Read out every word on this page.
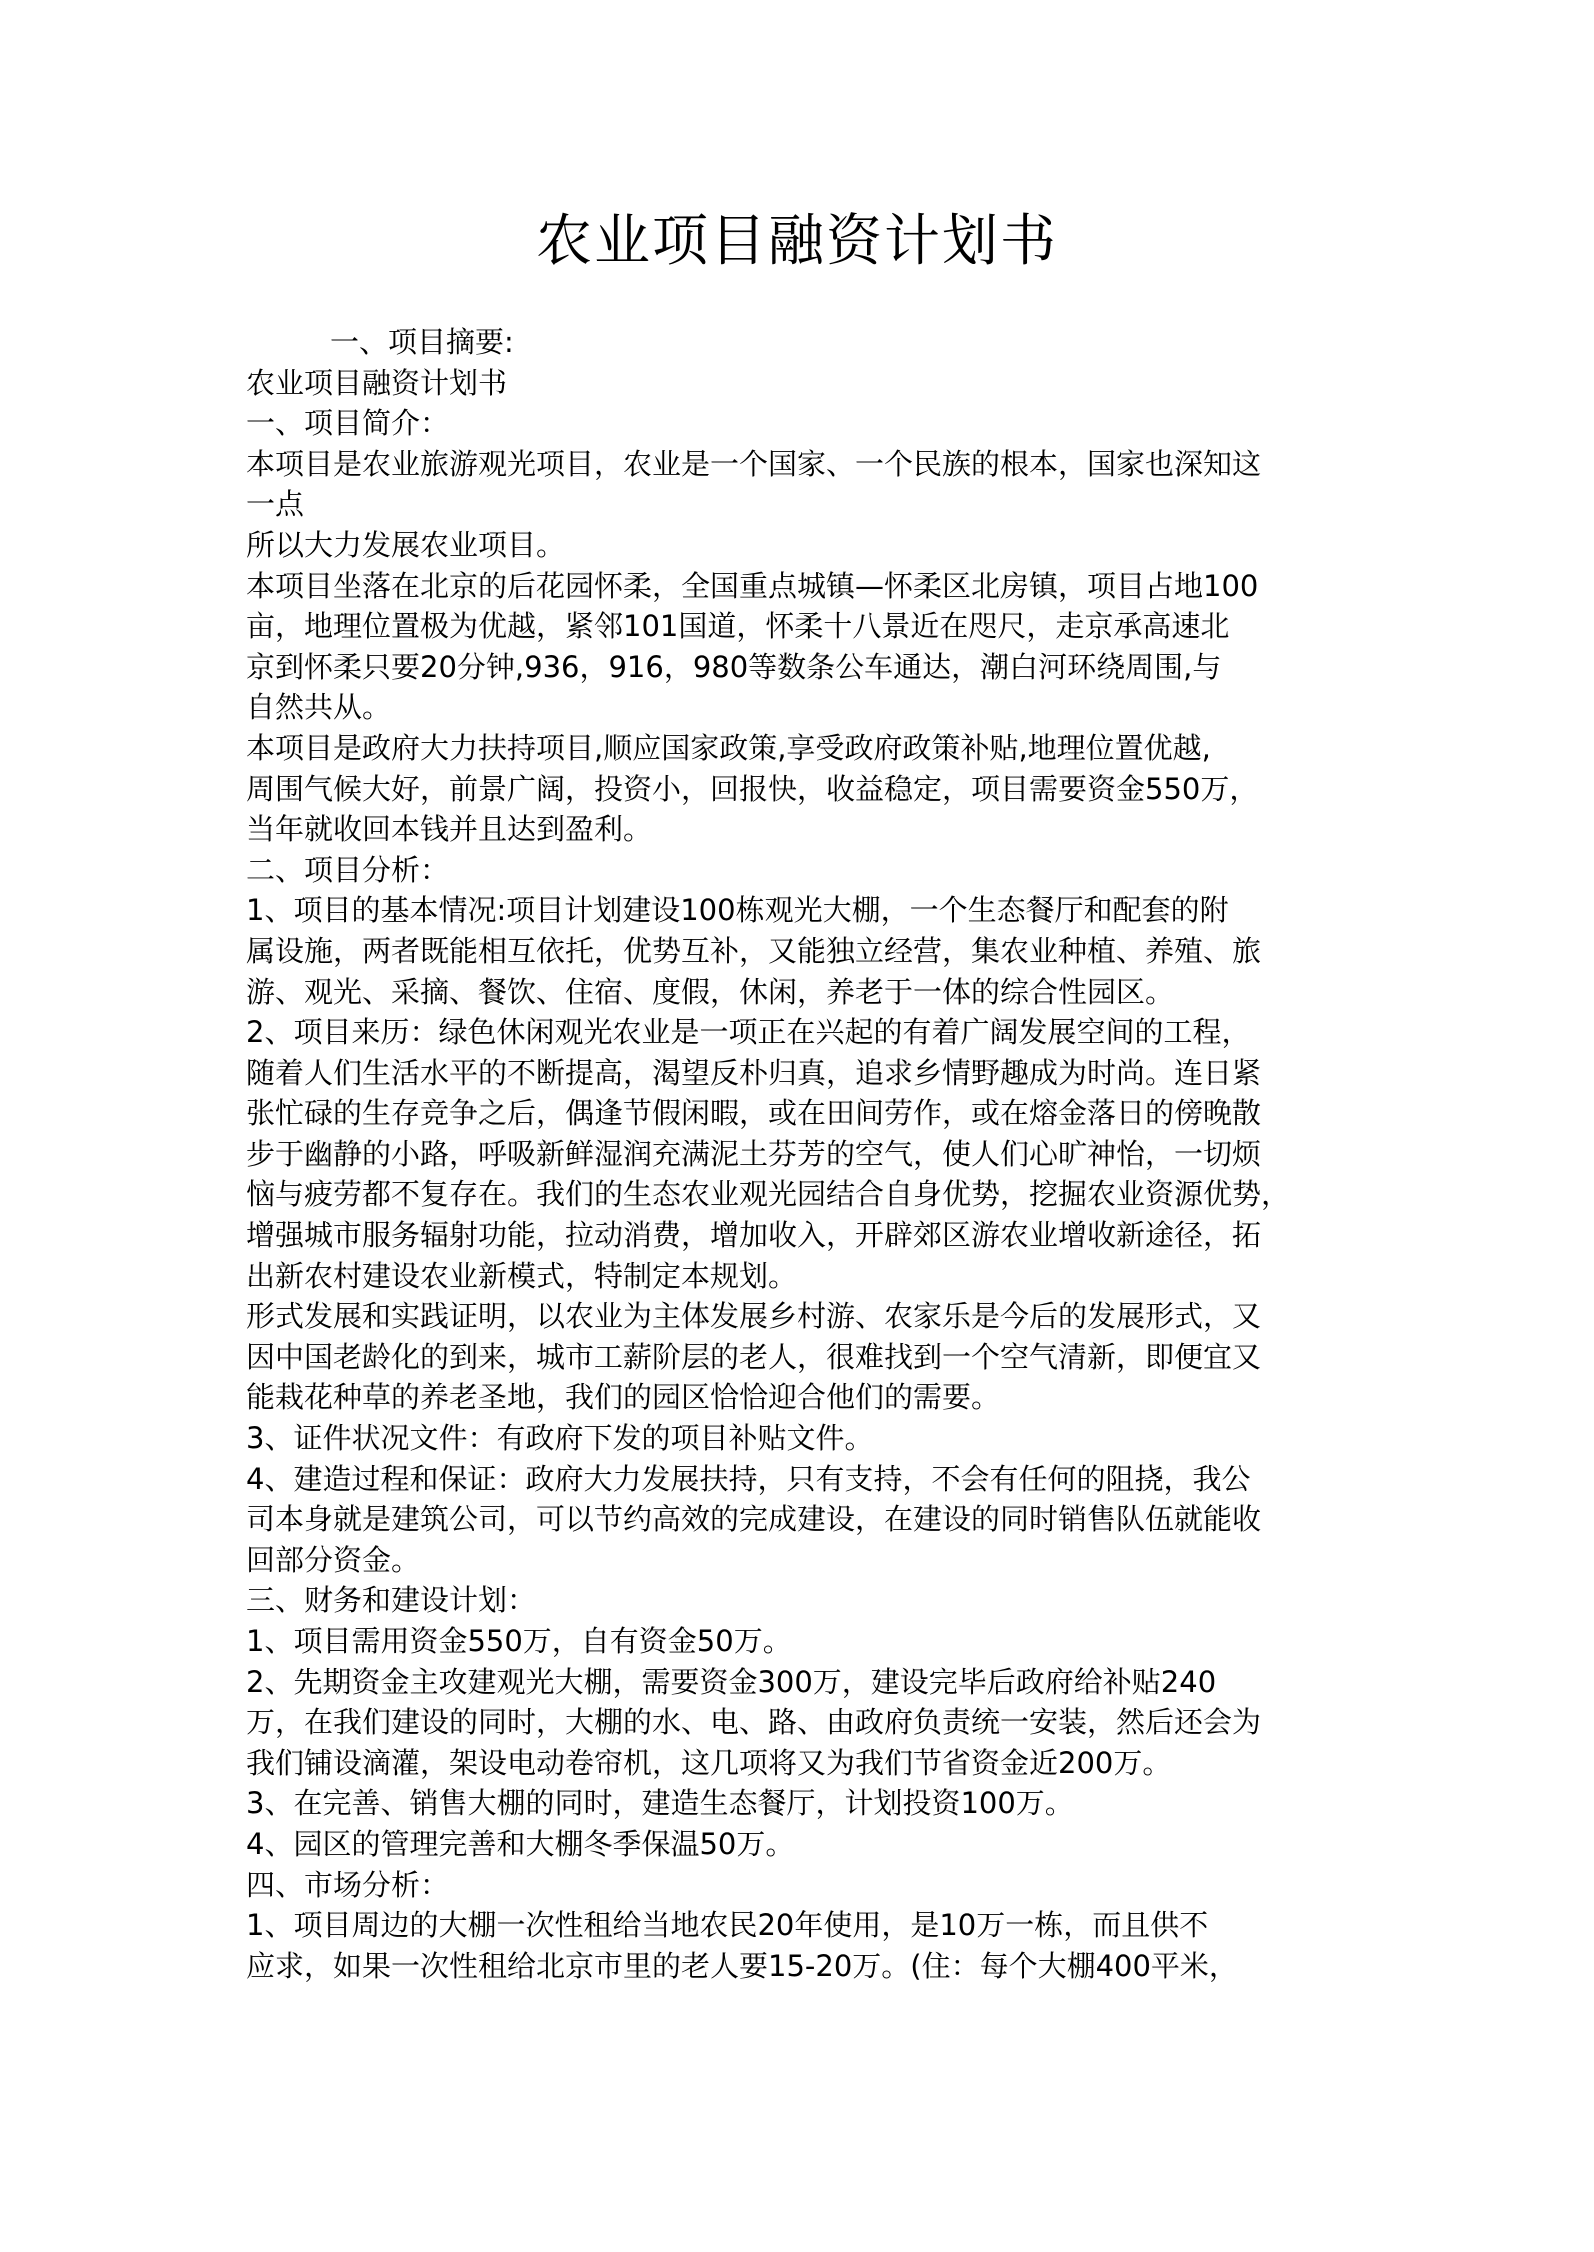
农业项目融资计划书

一、项目摘要:

农业项目融资计划书

一、项目简介：

本项目是农业旅游观光项目，农业是一个国家、一个民族的根本，国家也深知这

一点

所以大力发展农业项目。

本项目坐落在北京的后花园怀柔，全国重点城镇—怀柔区北房镇，项目占地100

亩，地理位置极为优越，紧邻101国道，怀柔十八景近在咫尺，走京承高速北

京到怀柔只要20分钟,936，916，980等数条公车通达，潮白河环绕周围,与

自然共从。

本项目是政府大力扶持项目,顺应国家政策,享受政府政策补贴,地理位置优越,

周围气候大好，前景广阔，投资小，回报快，收益稳定，项目需要资金550万，

当年就收回本钱并且达到盈利。

二、项目分析：

1、项目的基本情况:项目计划建设100栋观光大棚，一个生态餐厅和配套的附

属设施，两者既能相互依托，优势互补，又能独立经营，集农业种植、养殖、旅

游、观光、采摘、餐饮、住宿、度假，休闲，养老于一体的综合性园区。

2、项目来历：绿色休闲观光农业是一项正在兴起的有着广阔发展空间的工程，

随着人们生活水平的不断提高，渴望反朴归真，追求乡情野趣成为时尚。连日紧

张忙碌的生存竞争之后，偶逢节假闲暇，或在田间劳作，或在熔金落日的傍晚散

步于幽静的小路，呼吸新鲜湿润充满泥土芬芳的空气，使人们心旷神怡，一切烦

恼与疲劳都不复存在。我们的生态农业观光园结合自身优势，挖掘农业资源优势，

增强城市服务辐射功能，拉动消费，增加收入，开辟郊区游农业增收新途径，拓

出新农村建设农业新模式，特制定本规划。

形式发展和实践证明，以农业为主体发展乡村游、农家乐是今后的发展形式，又

因中国老龄化的到来，城市工薪阶层的老人，很难找到一个空气清新，即便宜又

能栽花种草的养老圣地，我们的园区恰恰迎合他们的需要。

3、证件状况文件：有政府下发的项目补贴文件。

4、建造过程和保证：政府大力发展扶持，只有支持，不会有任何的阻挠，我公

司本身就是建筑公司，可以节约高效的完成建设，在建设的同时销售队伍就能收

回部分资金。

三、财务和建设计划：

1、项目需用资金550万，自有资金50万。

2、先期资金主攻建观光大棚，需要资金300万，建设完毕后政府给补贴240

万，在我们建设的同时，大棚的水、电、路、由政府负责统一安装，然后还会为

我们铺设滴灌，架设电动卷帘机，这几项将又为我们节省资金近200万。

3、在完善、销售大棚的同时，建造生态餐厅，计划投资100万。

4、园区的管理完善和大棚冬季保温50万。

四、市场分析：

1、项目周边的大棚一次性租给当地农民20年使用，是10万一栋，而且供不

应求，如果一次性租给北京市里的老人要15-20万。(住：每个大棚400平米，
